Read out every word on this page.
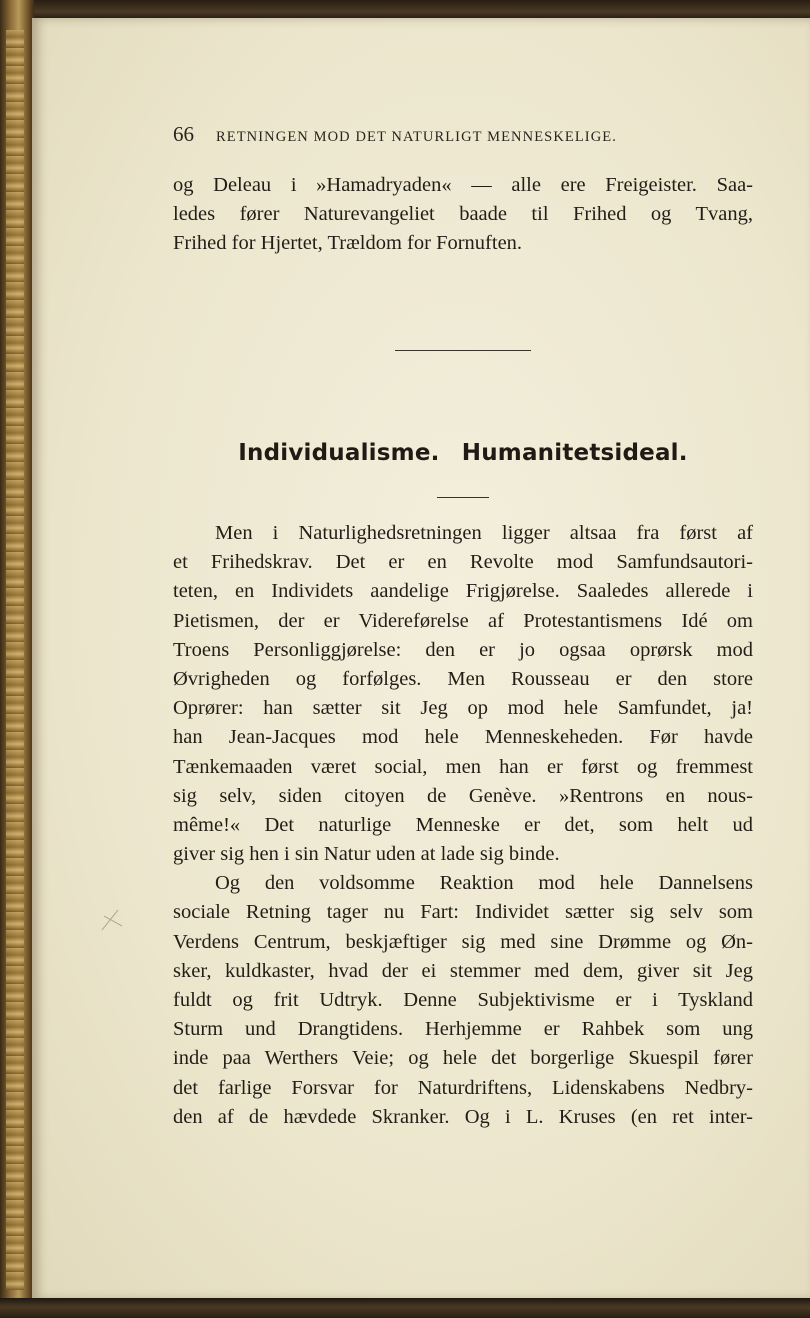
66 RETNINGEN MOD DET NATURLIGT MENNESKELIGE.
og Deleau i »Hamadryaden« — alle ere Freigeister. Saa-
ledes fører Naturevangeliet baade til Frihed og Tvang,
Frihed for Hjertet, Trældom for Fornuften.
Individualisme. Humanitetsideal.
Men i Naturlighedsretningen ligger altsaa fra først af
et Frihedskrav. Det er en Revolte mod Samfundsautori-
teten, en Individets aandelige Frigjørelse. Saaledes allerede i
Pietismen, der er Videreførelse af Protestantismens Idé om
Troens Personliggjørelse: den er jo ogsaa oprørsk mod
Øvrigheden og forfølges. Men Rousseau er den store
Oprører: han sætter sit Jeg op mod hele Samfundet, ja!
han Jean-Jacques mod hele Menneskeheden. Før havde
Tænkemaaden været social, men han er først og fremmest
sig selv, siden citoyen de Genève. »Rentrons en nous-
même!« Det naturlige Menneske er det, som helt ud
giver sig hen i sin Natur uden at lade sig binde.
Og den voldsomme Reaktion mod hele Dannelsens
sociale Retning tager nu Fart: Individet sætter sig selv som
Verdens Centrum, beskjæftiger sig med sine Drømme og Øn-
sker, kuldkaster, hvad der ei stemmer med dem, giver sit Jeg
fuldt og frit Udtryk. Denne Subjektivisme er i Tyskland
Sturm und Drangtidens. Herhjemme er Rahbek som ung
inde paa Werthers Veie; og hele det borgerlige Skuespil fører
det farlige Forsvar for Naturdriftens, Lidenskabens Nedbry-
den af de hævdede Skranker. Og i L. Kruses (en ret inter-
